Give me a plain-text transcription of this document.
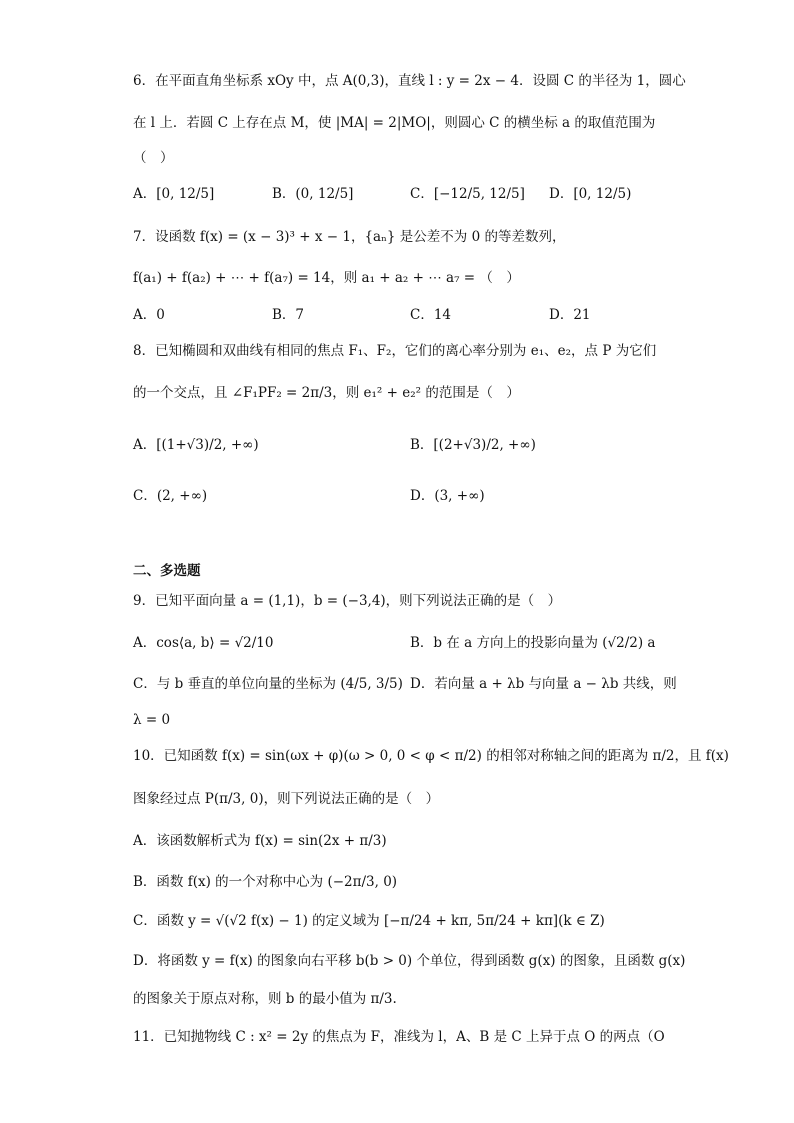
6．在平面直角坐标系 xOy 中，点 A(0,3)，直线 l : y = 2x − 4．设圆 C 的半径为 1，圆心
在 l 上．若圆 C 上存在点 M，使 |MA| = 2|MO|，则圆心 C 的横坐标 a 的取值范围为
（　）
A．[0, 12/5]	B．(0, 12/5]	C．[−12/5, 12/5] D．[0, 12/5)
7．设函数 f(x) = (x − 3)³ + x − 1，{aₙ} 是公差不为 0 的等差数列，
f(a₁) + f(a₂) + ⋯ + f(a₇) = 14，则 a₁ + a₂ + ⋯ a₇ = （　）
A．0	B．7	C．14	D．21
8．已知椭圆和双曲线有相同的焦点 F₁、F₂，它们的离心率分别为 e₁、e₂，点 P 为它们
的一个交点，且 ∠F₁PF₂ = 2π/3，则 e₁² + e₂² 的范围是（　）
A．[(1+√3)/2, +∞)	B．[(2+√3)/2, +∞)
C．(2, +∞)	D．(3, +∞)
二、多选题
9．已知平面向量 a = (1,1)，b = (−3,4)，则下列说法正确的是（　）
A．cos⟨a, b⟩ = √2/10	B．b 在 a 方向上的投影向量为 (√2/2) a
C．与 b 垂直的单位向量的坐标为 (4/5, 3/5) D．若向量 a + λb 与向量 a − λb 共线，则
λ = 0
10．已知函数 f(x) = sin(ωx + φ)(ω > 0, 0 < φ < π/2) 的相邻对称轴之间的距离为 π/2，且 f(x)
图象经过点 P(π/3, 0)，则下列说法正确的是（　）
A．该函数解析式为 f(x) = sin(2x + π/3)
B．函数 f(x) 的一个对称中心为 (−2π/3, 0)
C．函数 y = √(√2 f(x) − 1) 的定义域为 [−π/24 + kπ, 5π/24 + kπ](k ∈ Z)
D．将函数 y = f(x) 的图象向右平移 b(b > 0) 个单位，得到函数 g(x) 的图象，且函数 g(x)
的图象关于原点对称，则 b 的最小值为 π/3.
11．已知抛物线 C : x² = 2y 的焦点为 F，准线为 l，A、B 是 C 上异于点 O 的两点（O
